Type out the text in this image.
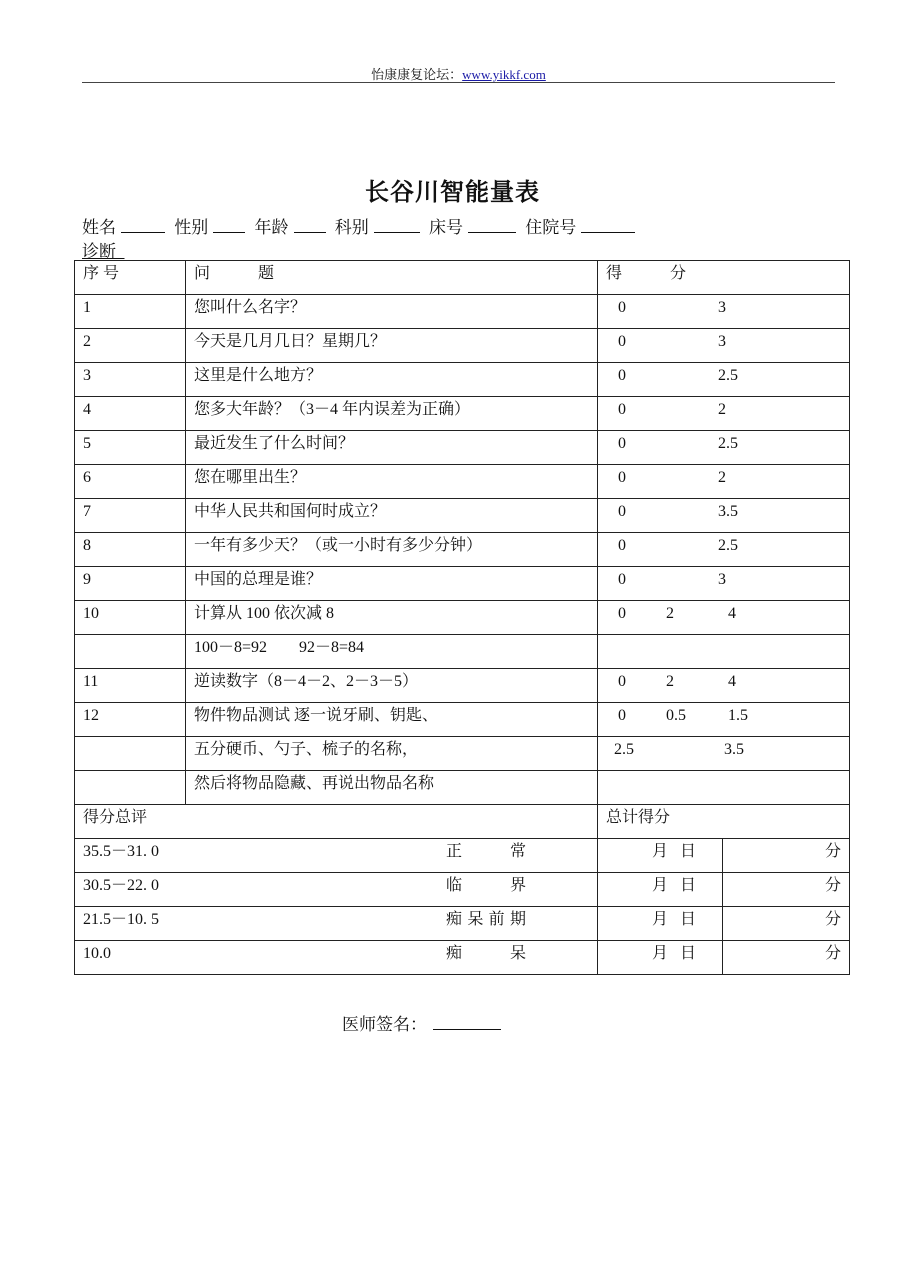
怡康康复论坛：www.yikkf.com
长谷川智能量表
姓名	性别	年龄	科别	床号	住院号
诊断
序 号	问　　　题	得　　　分	
1	您叫什么名字？	0 3	

2	今天是几月几日？星期几？	0 3	

3	这里是什么地方？	0 2.5	

4	您多大年龄？（3－4 年内误差为正确）	0 2	

5	最近发生了什么时间？	0 2.5	

6	您在哪里出生？	0 2	

7	中华人民共和国何时成立？	0 3.5	

8	一年有多少天？（或一小时有多少分钟）	0 2.5	

9	中国的总理是谁？	0 3	

10	计算从 100 依次减 8	0 2 4	

	100－8=92　　92－8=84		
11	逆读数字（8－4－2、2－3－5）	0 2 4	

12	物件物品测试 逐一说牙刷、钥匙、	0 0.5 1.5	

	五分硬币、勺子、梳子的名称，	2.5 3.5	

	然后将物品隐藏、再说出物品名称		
得分总评		总计得分	
35.5－31. 0 正常		月 日	分
30.5－22. 0 临界		月 日	分
21.5－10. 5 痴呆前期		月 日	分
10.0 痴呆		月 日	分
医师签名：
